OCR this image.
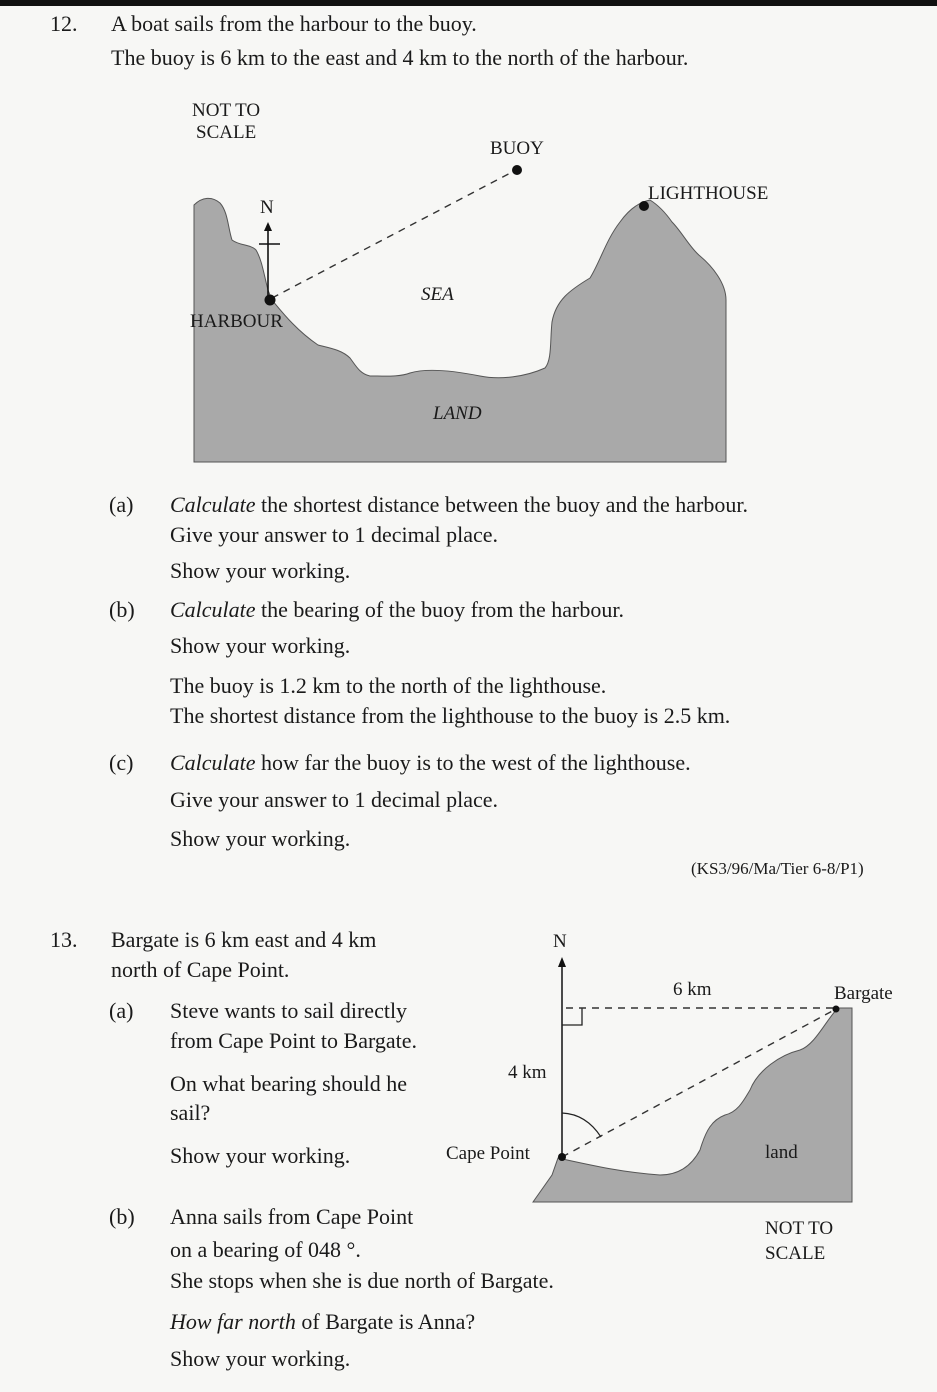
12. A boat sails from the harbour to the buoy.
The buoy is 6 km to the east and 4 km to the north of the harbour.
NOT TO
SCALE
BUOY
LIGHTHOUSE
N
SEA
HARBOUR
LAND
(a) Calculate the shortest distance between the buoy and the harbour.
Give your answer to 1 decimal place.
Show your working.
(b) Calculate the bearing of the buoy from the harbour.
Show your working.
The buoy is 1.2 km to the north of the lighthouse.
The shortest distance from the lighthouse to the buoy is 2.5 km.
(c) Calculate how far the buoy is to the west of the lighthouse.
Give your answer to 1 decimal place.
Show your working.
(KS3/96/Ma/Tier 6-8/P1)
13. Bargate is 6 km east and 4 km
north of Cape Point.
(a) Steve wants to sail directly
from Cape Point to Bargate.
On what bearing should he
sail?
Show your working.
(b) Anna sails from Cape Point
on a bearing of 048 °.
She stops when she is due north of Bargate.
How far north of Bargate is Anna?
Show your working.
N
6 km	Bargate
4 km
Cape Point	land
NOT TO
SCALE
